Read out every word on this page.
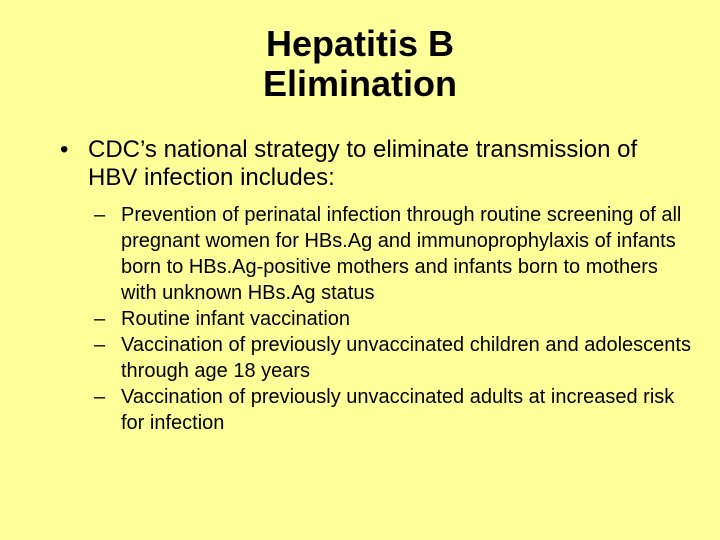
Hepatitis B
Elimination
• CDC’s national strategy to eliminate transmission of HBV infection includes:
– Prevention of perinatal infection through routine screening of all pregnant women for HBs.Ag and immunoprophylaxis of infants born to HBs.Ag-positive mothers and infants born to mothers with unknown HBs.Ag status
– Routine infant vaccination
– Vaccination of previously unvaccinated children and adolescents through age 18 years
– Vaccination of previously unvaccinated adults at increased risk for infection
